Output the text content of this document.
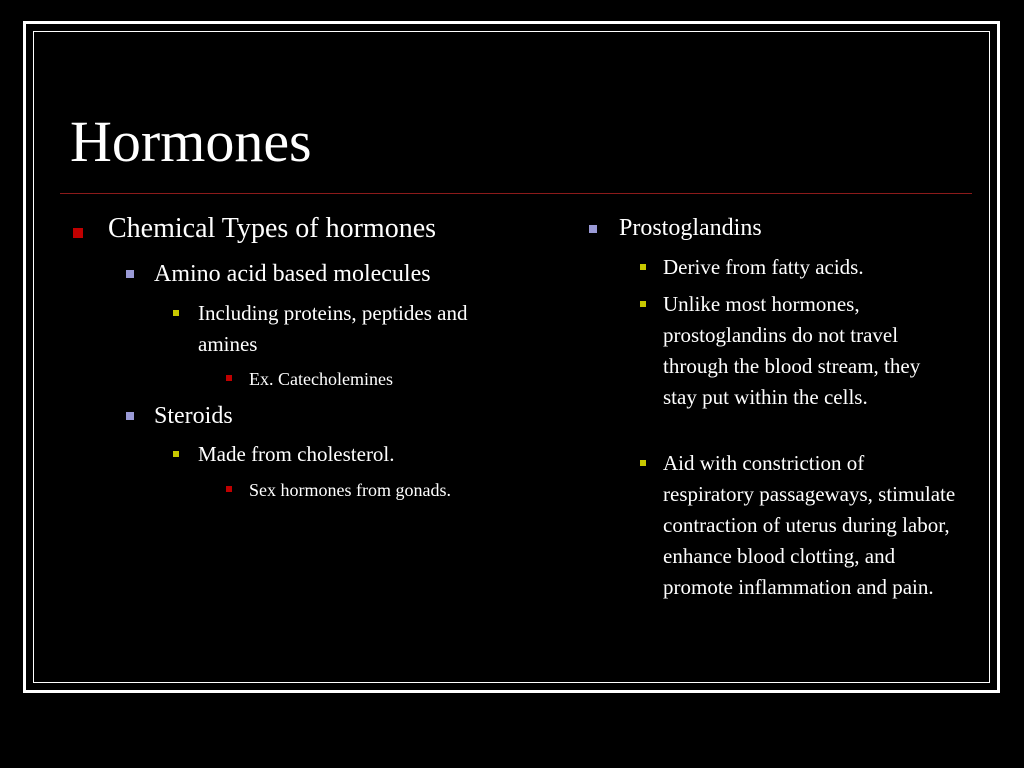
Hormones
Chemical Types of hormones
Amino acid based molecules
Including proteins, peptides and amines
Ex. Catecholemines
Steroids
Made from cholesterol.
Sex hormones from gonads.
Prostoglandins
Derive from fatty acids.
Unlike most hormones, prostoglandins do not travel through the blood stream, they stay put within the cells.
Aid with constriction of respiratory passageways, stimulate contraction of uterus during labor, enhance blood clotting, and promote inflammation and pain.
